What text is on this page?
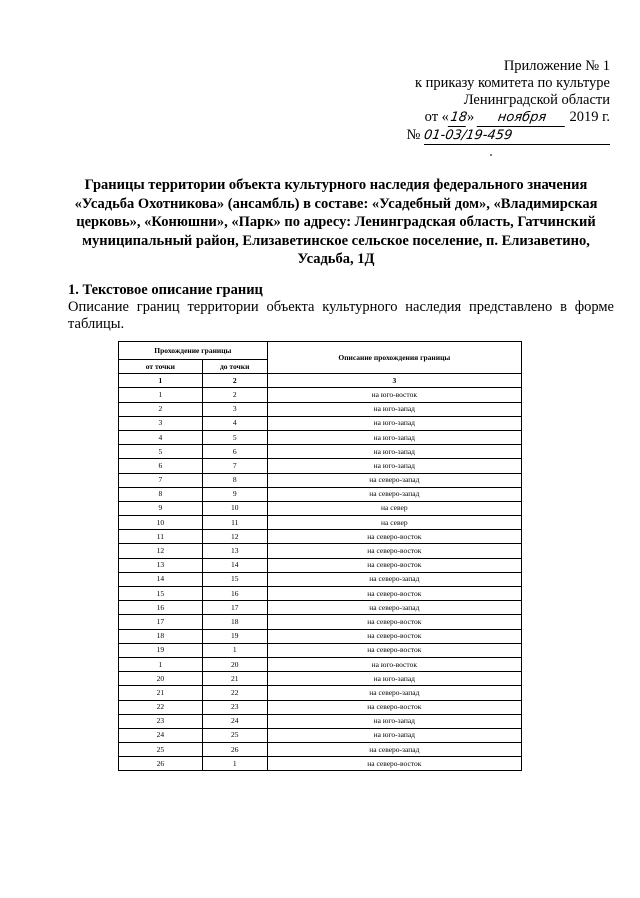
Приложение № 1
к приказу комитета по культуре
Ленинградской области
от «18» ноября 2019 г.
№ 01-03/19-459
Границы территории объекта культурного наследия федерального значения «Усадьба Охотникова» (ансамбль) в составе: «Усадебный дом», «Владимирская церковь», «Конюшни», «Парк» по адресу: Ленинградская область, Гатчинский муниципальный район, Елизаветинское сельское поселение, п. Елизаветино, Усадьба, 1Д
1. Текстовое описание границ
Описание границ территории объекта культурного наследия представлено в форме таблицы.
Прохождение границы		Описание прохождения границы
от точки	до точки	
1	2	3
1	2	на юго-восток
2	3	на юго-запад
3	4	на юго-запад
4	5	на юго-запад
5	6	на юго-запад
6	7	на юго-запад
7	8	на северо-запад
8	9	на северо-запад
9	10	на север
10	11	на север
11	12	на северо-восток
12	13	на северо-восток
13	14	на северо-восток
14	15	на северо-запад
15	16	на северо-восток
16	17	на северо-запад
17	18	на северо-восток
18	19	на северо-восток
19	1	на северо-восток
1	20	на юго-восток
20	21	на юго-запад
21	22	на северо-запад
22	23	на северо-восток
23	24	на юго-запад
24	25	на юго-запад
25	26	на северо-запад
26	1	на северо-восток
